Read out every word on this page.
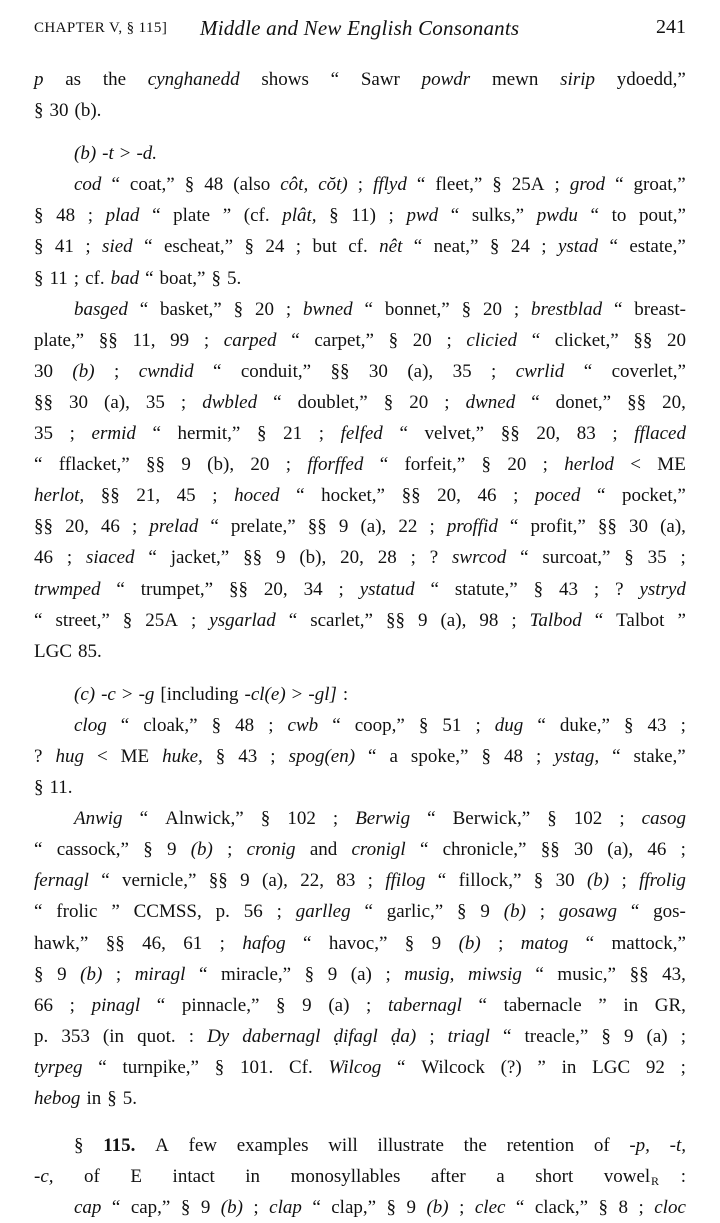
CHAPTER V, § 115] Middle and New English Consonants	241
p as the cynghanedd shows “ Sawr powdr mewn sirip ydoedd,”
§ 30 (b).
(b) -t > -d.
cod “ coat,” § 48 (also côt, cŏt) ; fflyd “ fleet,” § 25A ; grod “ groat,”
§ 48 ; plad “ plate ” (cf. plât, § 11) ; pwd “ sulks,” pwdu “ to pout,”
§ 41 ; sied “ escheat,” § 24 ; but cf. nêt “ neat,” § 24 ; ystad “ estate,”
§ 11 ; cf. bad “ boat,” § 5.
basged “ basket,” § 20 ; bwned “ bonnet,” § 20 ; brestblad “ breast-
plate,” §§ 11, 99 ; carped “ carpet,” § 20 ; clicied “ clicket,” §§ 20
30 (b) ; cwndid “ conduit,” §§ 30 (a), 35 ; cwrlid “ coverlet,”
§§ 30 (a), 35 ; dwbled “ doublet,” § 20 ; dwned “ donet,” §§ 20,
35 ; ermid “ hermit,” § 21 ; felfed “ velvet,” §§ 20, 83 ; fflaced
“ fflacket,” §§ 9 (b), 20 ; fforffed “ forfeit,” § 20 ; herlod < ME
herlot, §§ 21, 45 ; hoced “ hocket,” §§ 20, 46 ; poced “ pocket,”
§§ 20, 46 ; prelad “ prelate,” §§ 9 (a), 22 ; proffid “ profit,” §§ 30 (a),
46 ; siaced “ jacket,” §§ 9 (b), 20, 28 ; ? swrcod “ surcoat,” § 35 ;
trwmped “ trumpet,” §§ 20, 34 ; ystatud “ statute,” § 43 ; ? ystryd
“ street,” § 25A ; ysgarlad “ scarlet,” §§ 9 (a), 98 ; Talbod “ Talbot ”
LGC 85.
(c) -c > -g [including -cl(e) > -gl] :
clog “ cloak,” § 48 ; cwb “ coop,” § 51 ; dug “ duke,” § 43 ;
? hug < ME huke, § 43 ; spog(en) “ a spoke,” § 48 ; ystag, “ stake,”
§ 11.
Anwig “ Alnwick,” § 102 ; Berwig “ Berwick,” § 102 ; casog
“ cassock,” § 9 (b) ; cronig and cronigl “ chronicle,” §§ 30 (a), 46 ;
fernagl “ vernicle,” §§ 9 (a), 22, 83 ; ffilog “ fillock,” § 30 (b) ; ffrolig
“ frolic ” CCMSS, p. 56 ; garlleg “ garlic,” § 9 (b) ; gosawg “ gos-
hawk,” §§ 46, 61 ; hafog “ havoc,” § 9 (b) ; matog “ mattock,”
§ 9 (b) ; miragl “ miracle,” § 9 (a) ; musig, miwsig “ music,” §§ 43,
66 ; pinagl “ pinnacle,” § 9 (a) ; tabernagl “ tabernacle ” in GR,
p. 353 (in quot. : Dy dabernagl ḍifagl ḍa) ; triagl “ treacle,” § 9 (a) ;
tyrpeg “ turnpike,” § 101. Cf. Wilcog “ Wilcock (?) ” in LGC 92 ;
hebog in § 5.
§ 115. A few examples will illustrate the retention of -p, -t,
-c, of E intact in monosyllables after a short vowel :
cap “ cap,” § 9 (b) ; clap “ clap,” § 9 (b) ; clec “ clack,” § 8 ; cloc
R
